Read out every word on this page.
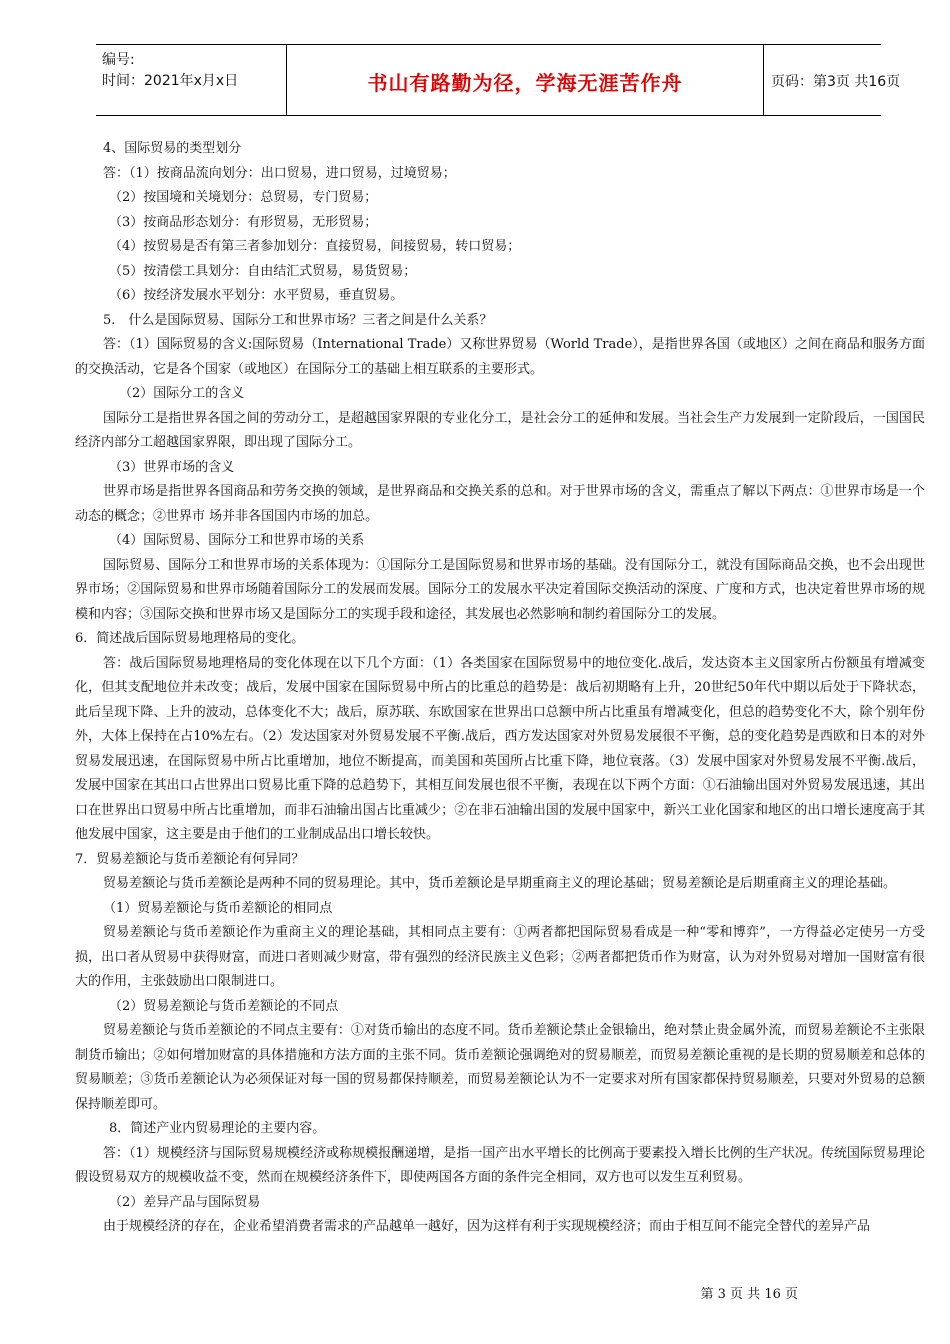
编号:
时间：2021年x月x日	书山有路勤为径，学海无涯苦作舟	页码：第3页 共16页

4、国际贸易的类型划分

答：（1）按商品流向划分：出口贸易，进口贸易，过境贸易；

（2）按国境和关境划分：总贸易，专门贸易；

（3）按商品形态划分：有形贸易，无形贸易；

（4）按贸易是否有第三者参加划分：直接贸易，间接贸易，转口贸易；

（5）按清偿工具划分：自由结汇式贸易，易货贸易；

（6）按经济发展水平划分：水平贸易，垂直贸易。

5.　什么是国际贸易、国际分工和世界市场？三者之间是什么关系？

答：（1）国际贸易的含义:国际贸易（International Trade）又称世界贸易（World Trade），是指世界各国（或地区）之间在商品和服务方面的交换活动，它是各个国家（或地区）在国际分工的基础上相互联系的主要形式。

（2）国际分工的含义

国际分工是指世界各国之间的劳动分工，是超越国家界限的专业化分工，是社会分工的延伸和发展。当社会生产力发展到一定阶段后，一国国民经济内部分工超越国家界限，即出现了国际分工。

（3）世界市场的含义

世界市场是指世界各国商品和劳务交换的领域，是世界商品和交换关系的总和。对于世界市场的含义，需重点了解以下两点：①世界市场是一个动态的概念；②世界市 场并非各国国内市场的加总。

（4）国际贸易、国际分工和世界市场的关系

国际贸易、国际分工和世界市场的关系体现为：①国际分工是国际贸易和世界市场的基础。没有国际分工，就没有国际商品交换，也不会出现世界市场；②国际贸易和世界市场随着国际分工的发展而发展。国际分工的发展水平决定着国际交换活动的深度、广度和方式，也决定着世界市场的规模和内容；③国际交换和世界市场又是国际分工的实现手段和途径，其发展也必然影响和制约着国际分工的发展。

6．简述战后国际贸易地理格局的变化。

答：战后国际贸易地理格局的变化体现在以下几个方面：（1）各类国家在国际贸易中的地位变化.战后，发达资本主义国家所占份额虽有增减变化，但其支配地位并未改变；战后，发展中国家在国际贸易中所占的比重总的趋势是：战后初期略有上升，20世纪50年代中期以后处于下降状态，此后呈现下降、上升的波动，总体变化不大；战后，原苏联、东欧国家在世界出口总额中所占比重虽有增减变化，但总的趋势变化不大，除个别年份外，大体上保持在占10%左右。（2）发达国家对外贸易发展不平衡.战后，西方发达国家对外贸易发展很不平衡，总的变化趋势是西欧和日本的对外贸易发展迅速，在国际贸易中所占比重增加，地位不断提高，而美国和英国所占比重下降，地位衰落。（3）发展中国家对外贸易发展不平衡.战后，发展中国家在其出口占世界出口贸易比重下降的总趋势下，其相互间发展也很不平衡，表现在以下两个方面：①石油输出国对外贸易发展迅速，其出口在世界出口贸易中所占比重增加，而非石油输出国占比重减少；②在非石油输出国的发展中国家中，新兴工业化国家和地区的出口增长速度高于其他发展中国家，这主要是由于他们的工业制成品出口增长较快。

7．贸易差额论与货币差额论有何异同？

贸易差额论与货币差额论是两种不同的贸易理论。其中，货币差额论是早期重商主义的理论基础；贸易差额论是后期重商主义的理论基础。

（1）贸易差额论与货币差额论的相同点

贸易差额论与货币差额论作为重商主义的理论基础，其相同点主要有：①两者都把国际贸易看成是一种“零和博弈”，一方得益必定使另一方受损，出口者从贸易中获得财富，而进口者则减少财富，带有强烈的经济民族主义色彩；②两者都把货币作为财富，认为对外贸易对增加一国财富有很大的作用，主张鼓励出口限制进口。

（2）贸易差额论与货币差额论的不同点

贸易差额论与货币差额论的不同点主要有：①对货币输出的态度不同。货币差额论禁止金银输出，绝对禁止贵金属外流，而贸易差额论不主张限制货币输出；②如何增加财富的具体措施和方法方面的主张不同。货币差额论强调绝对的贸易顺差，而贸易差额论重视的是长期的贸易顺差和总体的贸易顺差；③货币差额论认为必须保证对每一国的贸易都保持顺差，而贸易差额论认为不一定要求对所有国家都保持贸易顺差，只要对外贸易的总额保持顺差即可。

8．简述产业内贸易理论的主要内容。

答：（1）规模经济与国际贸易规模经济或称规模报酬递增，是指一国产出水平增长的比例高于要素投入增长比例的生产状况。传统国际贸易理论假设贸易双方的规模收益不变，然而在规模经济条件下，即使两国各方面的条件完全相同，双方也可以发生互利贸易。

（2）差异产品与国际贸易

由于规模经济的存在，企业希望消费者需求的产品越单一越好，因为这样有利于实现规模经济；而由于相互间不能完全替代的差异产品

第 3 页 共 16 页
